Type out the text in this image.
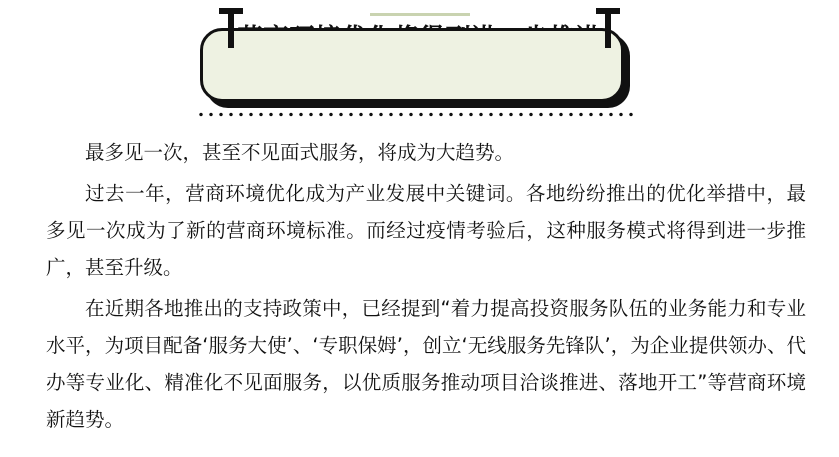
最多见一次，甚至不见面式服务，将成为大趋势。

过去一年，营商环境优化成为产业发展中关键词。各地纷纷推出的优化举措中，最多见一次成为了新的营商环境标准。而经过疫情考验后，这种服务模式将得到进一步推广，甚至升级。

在近期各地推出的支持政策中，已经提到“着力提高投资服务队伍的业务能力和专业水平，为项目配备‘服务大使’、‘专职保姆’，创立‘无线服务先锋队’，为企业提供领办、代办等专业化、精准化不见面服务，以优质服务推动项目洽谈推进、落地开工”等营商环境新趋势。
